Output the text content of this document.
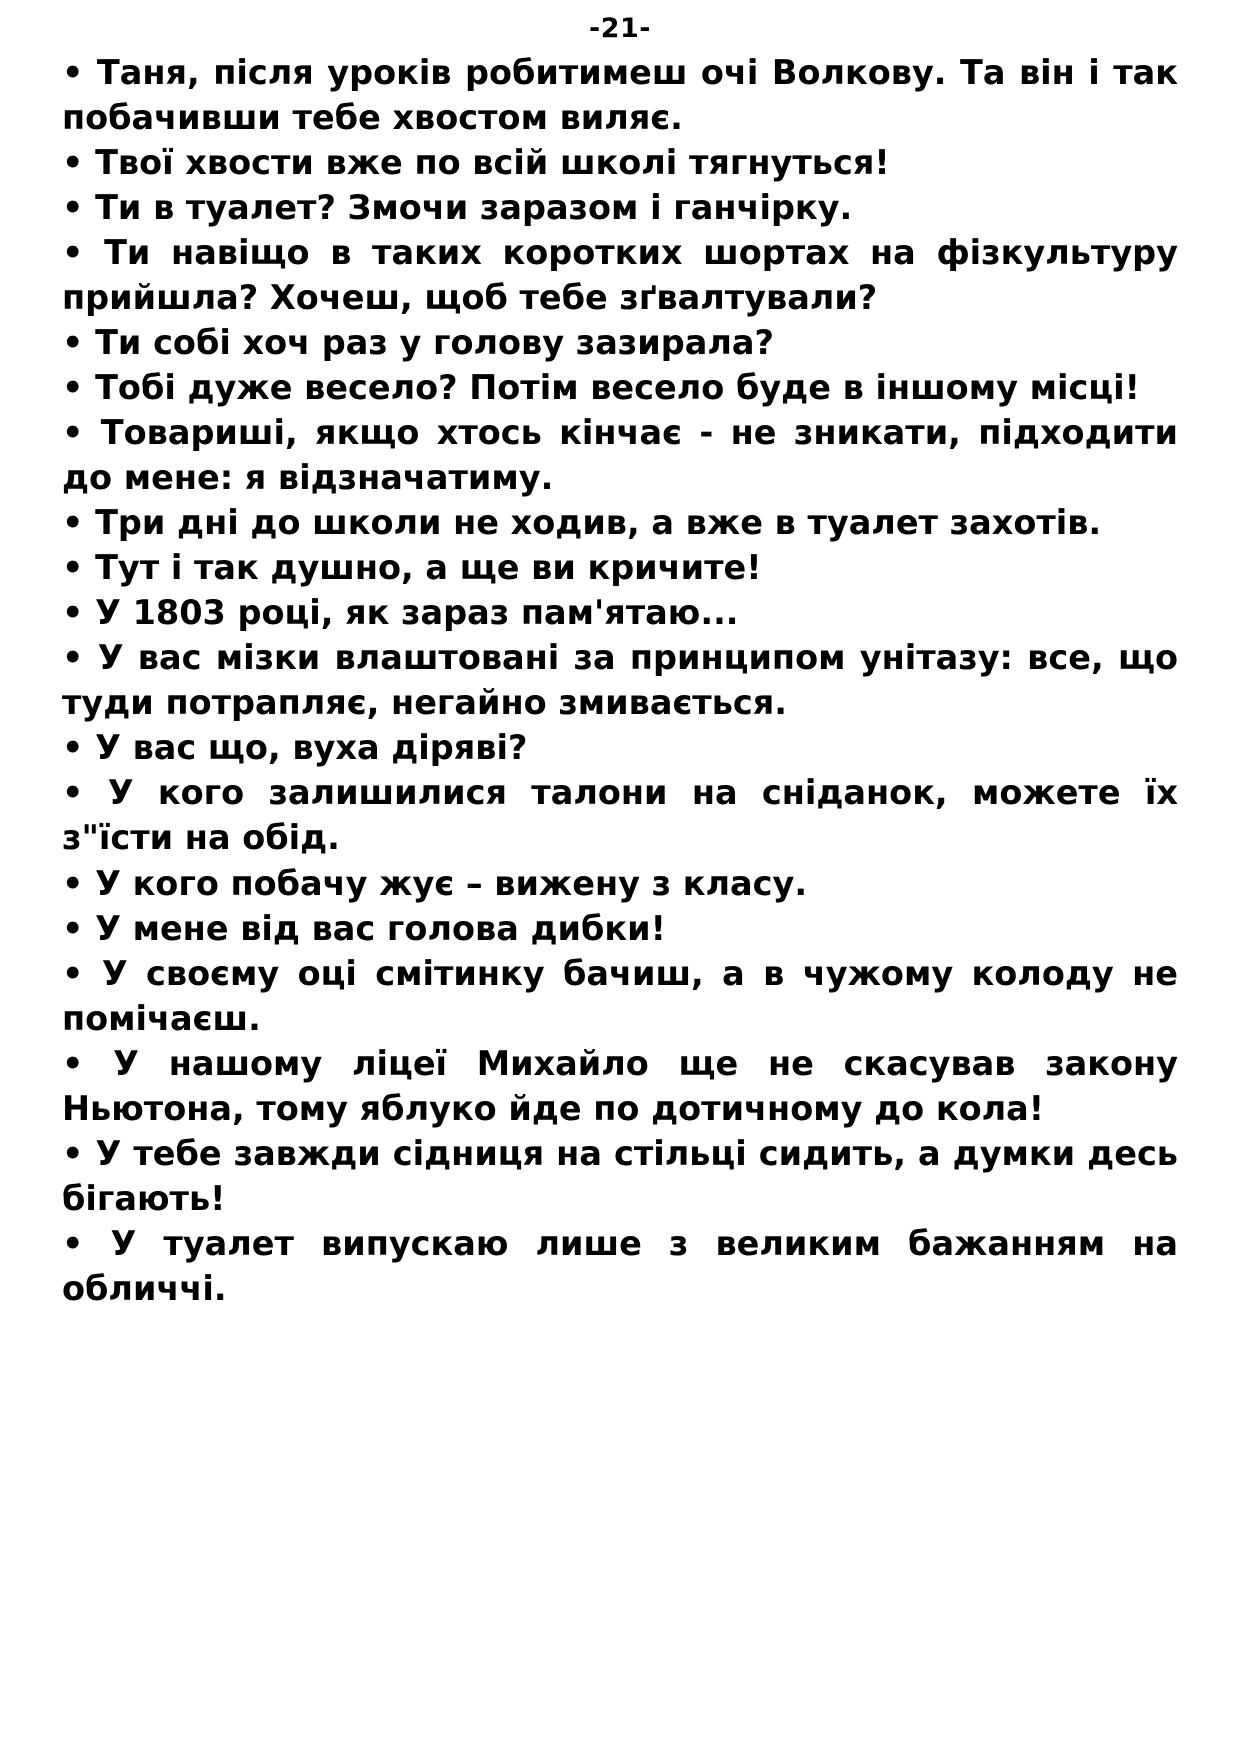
-21-
• Таня, після уроків робитимеш очі Волкову. Та він і так побачивши тебе хвостом виляє.
• Твої хвости вже по всій школі тягнуться!
• Ти в туалет? Змочи заразом і ганчірку.
• Ти навіщо в таких коротких шортах на фізкультуру прийшла? Хочеш, щоб тебе зґвалтували?
• Ти собі хоч раз у голову зазирала?
• Тобі дуже весело? Потім весело буде в іншому місці!
• Товариші, якщо хтось кінчає - не зникати, підходити до мене: я відзначатиму.
• Три дні до школи не ходив, а вже в туалет захотів.
• Тут і так душно, а ще ви кричите!
• У 1803 році, як зараз пам'ятаю...
• У вас мізки влаштовані за принципом унітазу: все, що туди потрапляє, негайно змивається.
• У вас що, вуха діряві?
• У кого залишилися талони на сніданок, можете їх з"їсти на обід.
• У кого побачу жує – вижену з класу.
• У мене від вас голова дибки!
• У своєму оці смітинку бачиш, а в чужому колоду не помічаєш.
• У нашому ліцеї Михайло ще не скасував закону Ньютона, тому яблуко йде по дотичному до кола!
• У тебе завжди сідниця на стільці сидить, а думки десь бігають!
• У туалет випускаю лише з великим бажанням на обличчі.
